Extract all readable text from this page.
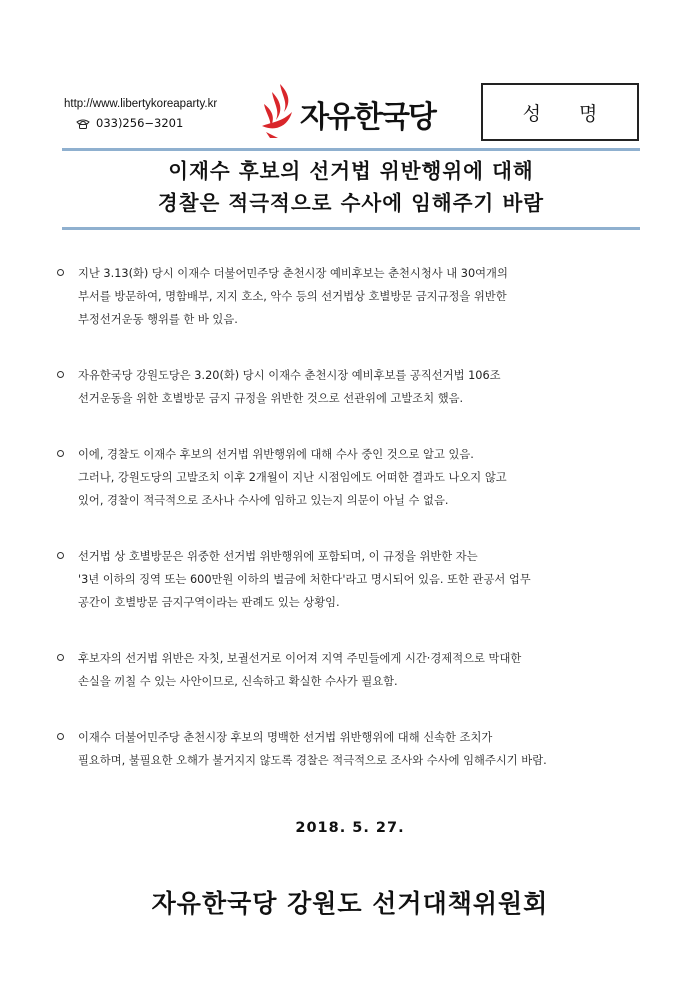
http://www.libertykoreaparty.kr
033)256−3201	자유한국당	성 명
이재수 후보의 선거법 위반행위에 대해
경찰은 적극적으로 수사에 임해주기 바람
지난 3.13(화) 당시 이재수 더불어민주당 춘천시장 예비후보는 춘천시청사 내 30여개의
부서를 방문하여, 명함배부, 지지 호소, 악수 등의 선거법상 호별방문 금지규정을 위반한
부정선거운동 행위를 한 바 있음.
자유한국당 강원도당은 3.20(화) 당시 이재수 춘천시장 예비후보를 공직선거법 106조
선거운동을 위한 호별방문 금지 규정을 위반한 것으로 선관위에 고발조치 했음.
이에, 경찰도 이재수 후보의 선거법 위반행위에 대해 수사 중인 것으로 알고 있음.
그러나, 강원도당의 고발조치 이후 2개월이 지난 시점임에도 어떠한 결과도 나오지 않고
있어, 경찰이 적극적으로 조사나 수사에 임하고 있는지 의문이 아닐 수 없음.
선거법 상 호별방문은 위중한 선거법 위반행위에 포함되며, 이 규정을 위반한 자는
'3년 이하의 징역 또는 600만원 이하의 벌금에 처한다'라고 명시되어 있음. 또한 관공서 업무
공간이 호별방문 금지구역이라는 판례도 있는 상황임.
후보자의 선거법 위반은 자칫, 보궐선거로 이어져 지역 주민들에게 시간·경제적으로 막대한
손실을 끼칠 수 있는 사안이므로, 신속하고 확실한 수사가 필요함.
이재수 더불어민주당 춘천시장 후보의 명백한 선거법 위반행위에 대해 신속한 조치가
필요하며, 불필요한 오해가 불거지지 않도록 경찰은 적극적으로 조사와 수사에 임해주시기 바람.
2018. 5. 27.
자유한국당 강원도 선거대책위원회
